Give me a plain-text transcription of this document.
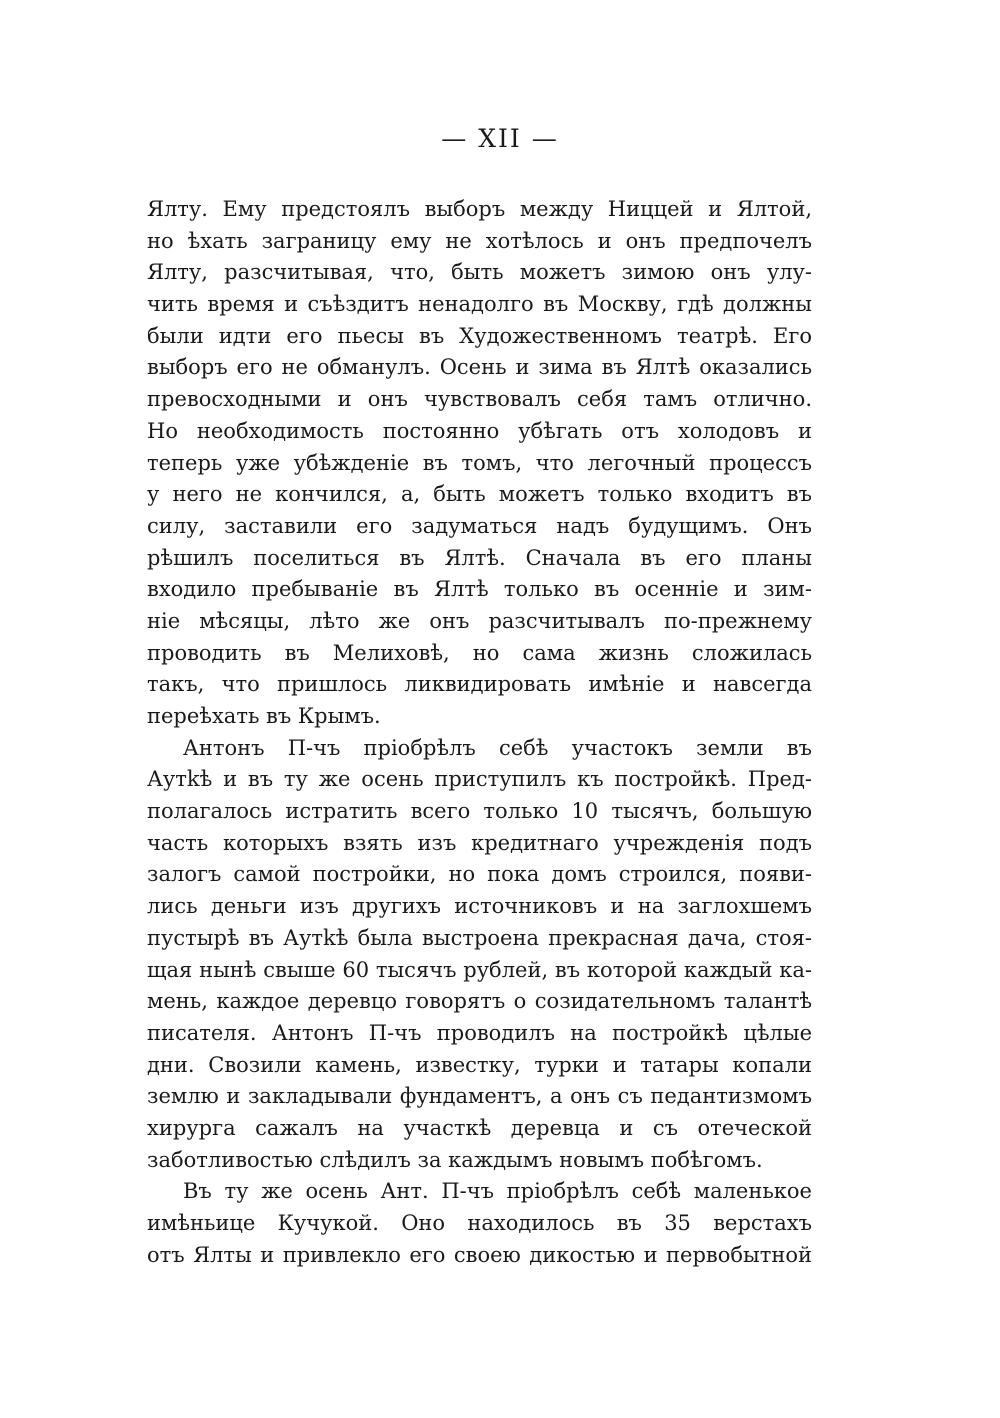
— XII —
Ялту. Ему предстоялъ выборъ между Ниццей и Ялтой,
но ѣхать заграницу ему не хотѣлось и онъ предпочелъ
Ялту, разсчитывая, что, быть можетъ зимою онъ улу-
чить время и съѣздитъ ненадолго въ Москву, гдѣ должны
были идти его пьесы въ Художественномъ театрѣ. Его
выборъ его не обманулъ. Осень и зима въ Ялтѣ оказались
превосходными и онъ чувствовалъ себя тамъ отлично.
Но необходимость постоянно убѣгать отъ холодовъ и
теперь уже убѣжденіе въ томъ, что легочный процессъ
у него не кончился, а, быть можетъ только входитъ въ
силу, заставили его задуматься надъ будущимъ. Онъ
рѣшилъ поселиться въ Ялтѣ. Сначала въ его планы
входило пребываніе въ Ялтѣ только въ осеннiе и зим-
ніе мѣсяцы, лѣто же онъ разсчитывалъ по-прежнему
проводить въ Мелиховѣ, но сама жизнь сложилась
такъ, что пришлось ликвидировать имѣніе и навсегда
переѣхать въ Крымъ.
Антонъ П-чъ пріобрѣлъ себѣ участокъ земли въ
Аутkѣ и въ ту же осень приступилъ къ постройкѣ. Пред-
полагалось истратить всего только 10 тысячъ, большую
часть которыхъ взять изъ кредитнаго учрежденія подъ
залогъ самой постройки, но пока домъ строился, появи-
лись деньги изъ другихъ источниковъ и на заглохшемъ
пустырѣ въ Аутkѣ была выстроена прекрасная дача, стоя-
щая нынѣ свыше 60 тысячъ рублей, въ которой каждый ка-
мень, каждое деревцо говорятъ о созидательномъ талантѣ
писателя. Антонъ П-чъ проводилъ на постройкѣ цѣлые
дни. Свозили камень, известку, турки и татары копали
землю и закладывали фундаментъ, а онъ съ педантизмомъ
хирурга сажалъ на участкѣ деревца и съ отеческой
заботливостью слѣдилъ за каждымъ новымъ побѣгомъ.
Въ ту же осень Ант. П-чъ пріобрѣлъ себѣ маленькое
имѣньице Кучукой. Оно находилось въ 35 верстахъ
отъ Ялты и привлекло его своею дикостью и первобытной
